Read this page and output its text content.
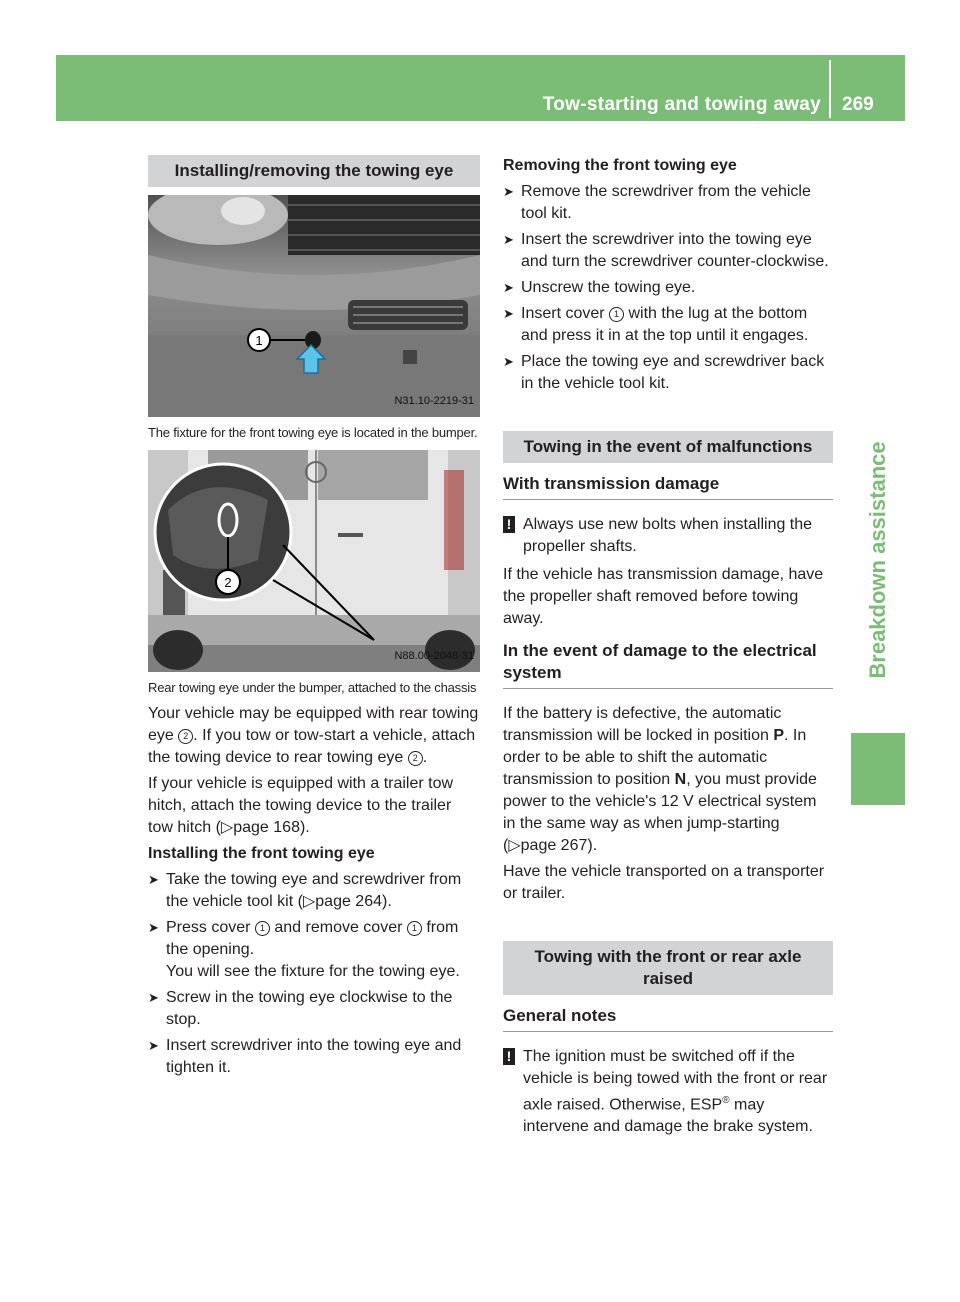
Tow-starting and towing away 269
Breakdown assistance
Installing/removing the towing eye
1
N31.10-2219-31
The fixture for the front towing eye is located in the bumper.
2
N88.00-2048-31
Rear towing eye under the bumper, attached to the chassis

Your vehicle may be equipped with rear towing eye 2 . If you tow or tow-start a vehicle, attach the towing device to rear towing eye 2 .

If your vehicle is equipped with a trailer tow hitch, attach the towing device to the trailer tow hitch (▷page 168).

Installing the front towing eye

➤ Take the towing eye and screwdriver from the vehicle tool kit (▷page 264).
➤ Press cover 1 and remove cover 1 from the opening.
You will see the fixture for the towing eye.
➤ Screw in the towing eye clockwise to the stop.
➤ Insert screwdriver into the towing eye and tighten it.

Removing the front towing eye

➤ Remove the screwdriver from the vehicle tool kit.
➤ Insert the screwdriver into the towing eye and turn the screwdriver counter-clockwise.
➤ Unscrew the towing eye.
➤ Insert cover 1 with the lug at the bottom and press it in at the top until it engages.
➤ Place the towing eye and screwdriver back in the vehicle tool kit.
Towing in the event of malfunctions
With transmission damage
! Always use new bolts when installing the propeller shafts.

If the vehicle has transmission damage, have the propeller shaft removed before towing away.

In the event of damage to the electrical system

If the battery is defective, the automatic transmission will be locked in position P. In order to be able to shift the automatic transmission to position N, you must provide power to the vehicle's 12 V electrical system in the same way as when jump-starting (▷page 267).

Have the vehicle transported on a transporter or trailer.

Towing with the front or rear axle raised
General notes
! The ignition must be switched off if the vehicle is being towed with the front or rear axle raised. Otherwise, ESP® may intervene and damage the brake system.
